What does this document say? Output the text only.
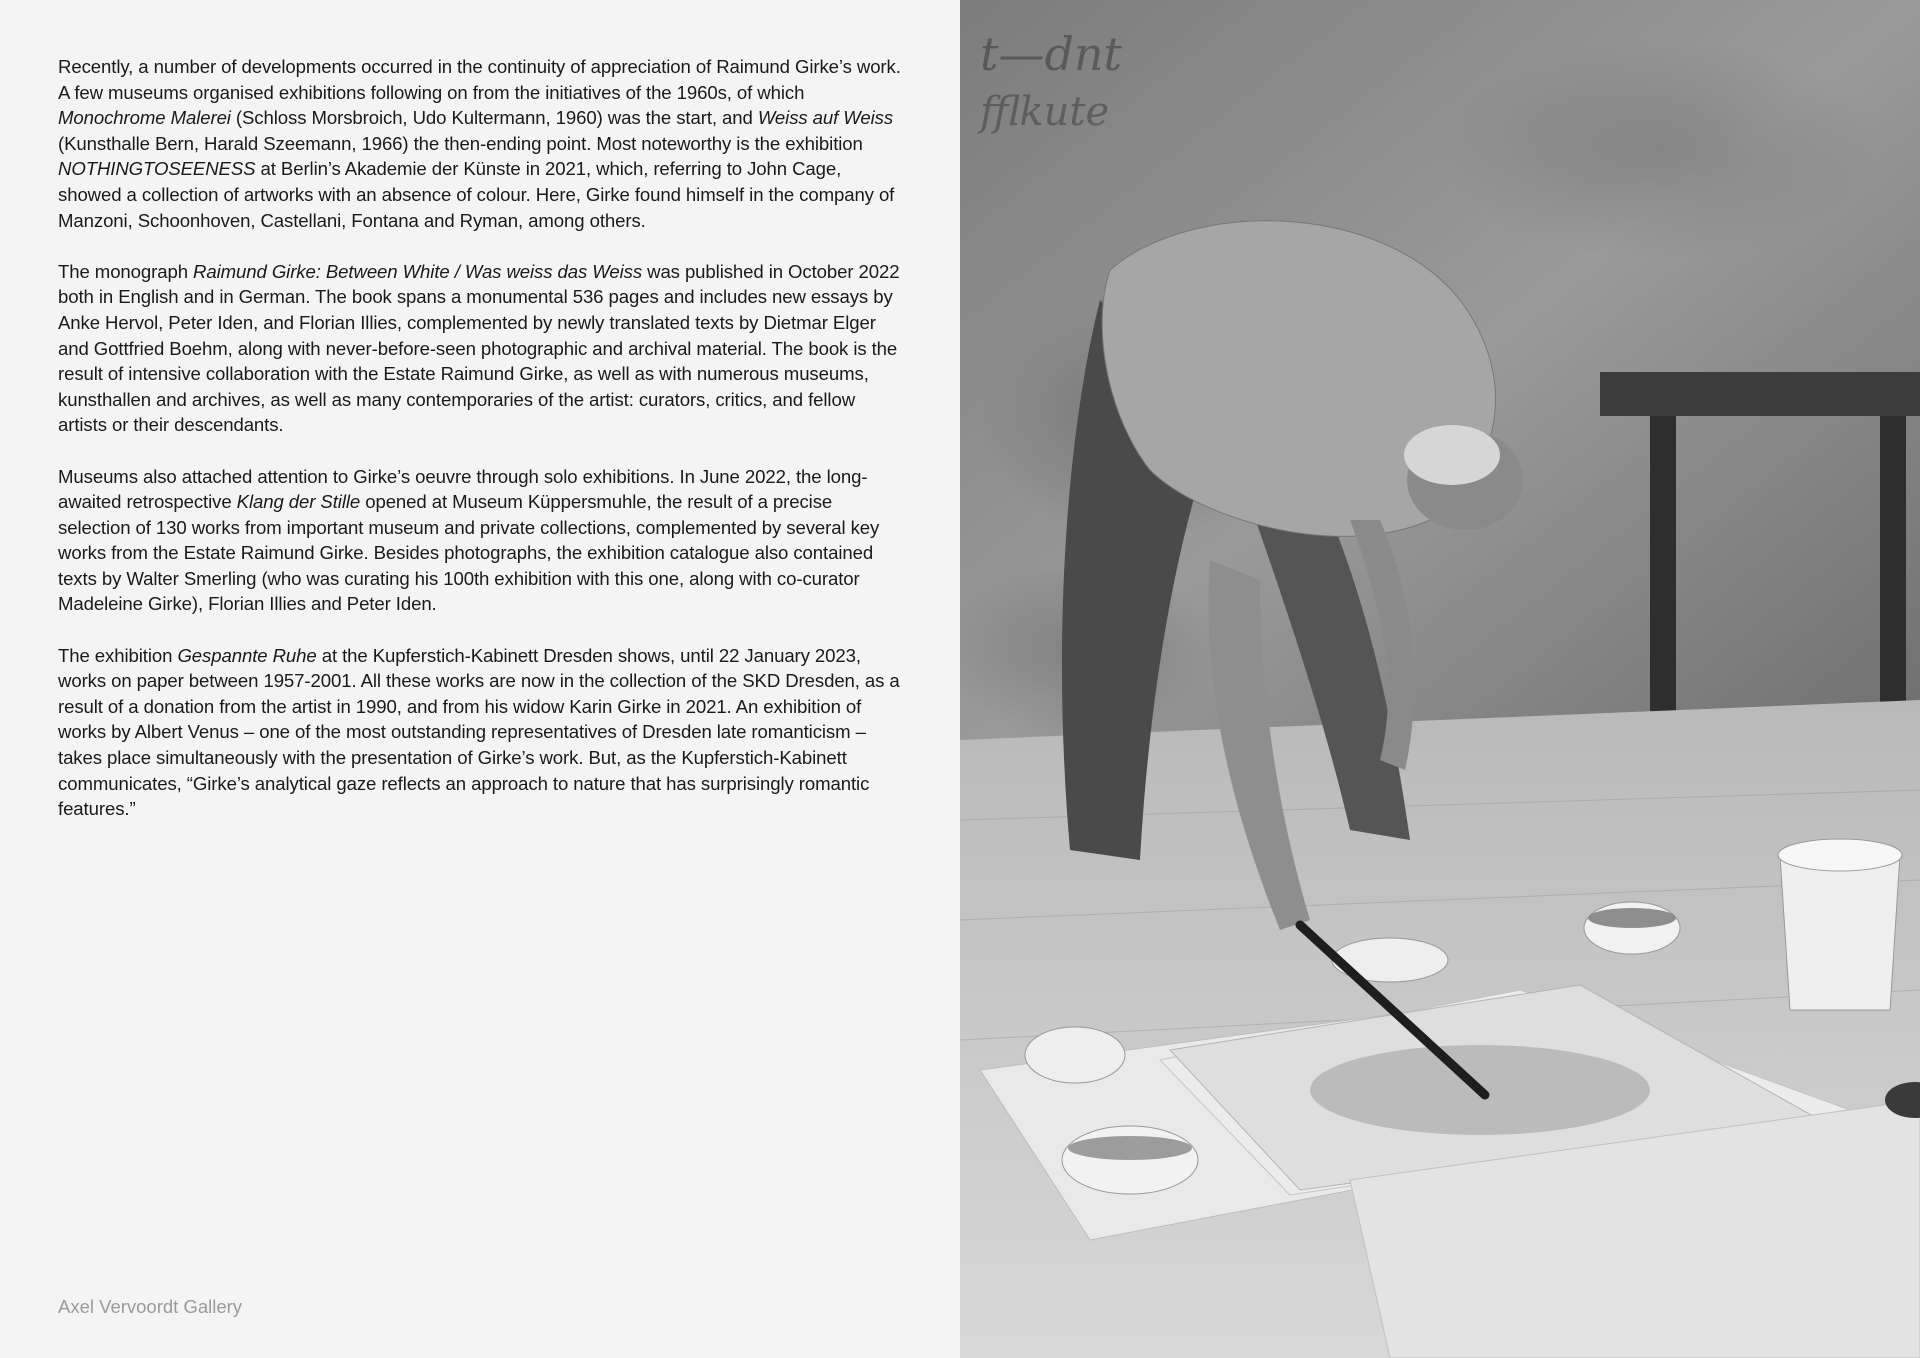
Recently, a number of developments occurred in the continuity of appreciation of Raimund Girke’s work. A few museums organised exhibitions following on from the initiatives of the 1960s, of which Monochrome Malerei (Schloss Morsbroich, Udo Kultermann, 1960) was the start, and Weiss auf Weiss (Kunsthalle Bern, Harald Szeemann, 1966) the then-ending point. Most noteworthy is the exhibition NOTHINGTOSEENESS at Berlin’s Akademie der Künste in 2021, which, referring to John Cage, showed a collection of artworks with an absence of colour. Here, Girke found himself in the company of Manzoni, Schoonhoven, Castellani, Fontana and Ryman, among others.

The monograph Raimund Girke: Between White / Was weiss das Weiss was published in October 2022 both in English and in German. The book spans a monumental 536 pages and includes new essays by Anke Hervol, Peter Iden, and Florian Illies, complemented by newly translated texts by Dietmar Elger and Gottfried Boehm, along with never-before-seen photographic and archival material. The book is the result of intensive collaboration with the Estate Raimund Girke, as well as with numerous museums, kunsthallen and archives, as well as many contemporaries of the artist: curators, critics, and fellow artists or their descendants.

Museums also attached attention to Girke’s oeuvre through solo exhibitions. In June 2022, the long-awaited retrospective Klang der Stille opened at Museum Küppersmuhle, the result of a precise selection of 130 works from important museum and private collections, complemented by several key works from the Estate Raimund Girke. Besides photographs, the exhibition catalogue also contained texts by Walter Smerling (who was curating his 100th exhibition with this one, along with co-curator Madeleine Girke), Florian Illies and Peter Iden.

The exhibition Gespannte Ruhe at the Kupferstich-Kabinett Dresden shows, until 22 January 2023, works on paper between 1957-2001. All these works are now in the collection of the SKD Dresden, as a result of a donation from the artist in 1990, and from his widow Karin Girke in 2021. An exhibition of works by Albert Venus – one of the most outstanding representatives of Dresden late romanticism – takes place simultaneously with the presentation of Girke’s work. But, as the Kupferstich-Kabinett communicates, “Girke’s analytical gaze reflects an approach to nature that has surprisingly romantic features.”

Axel Vervoordt Gallery
t—dnt
fflkute
